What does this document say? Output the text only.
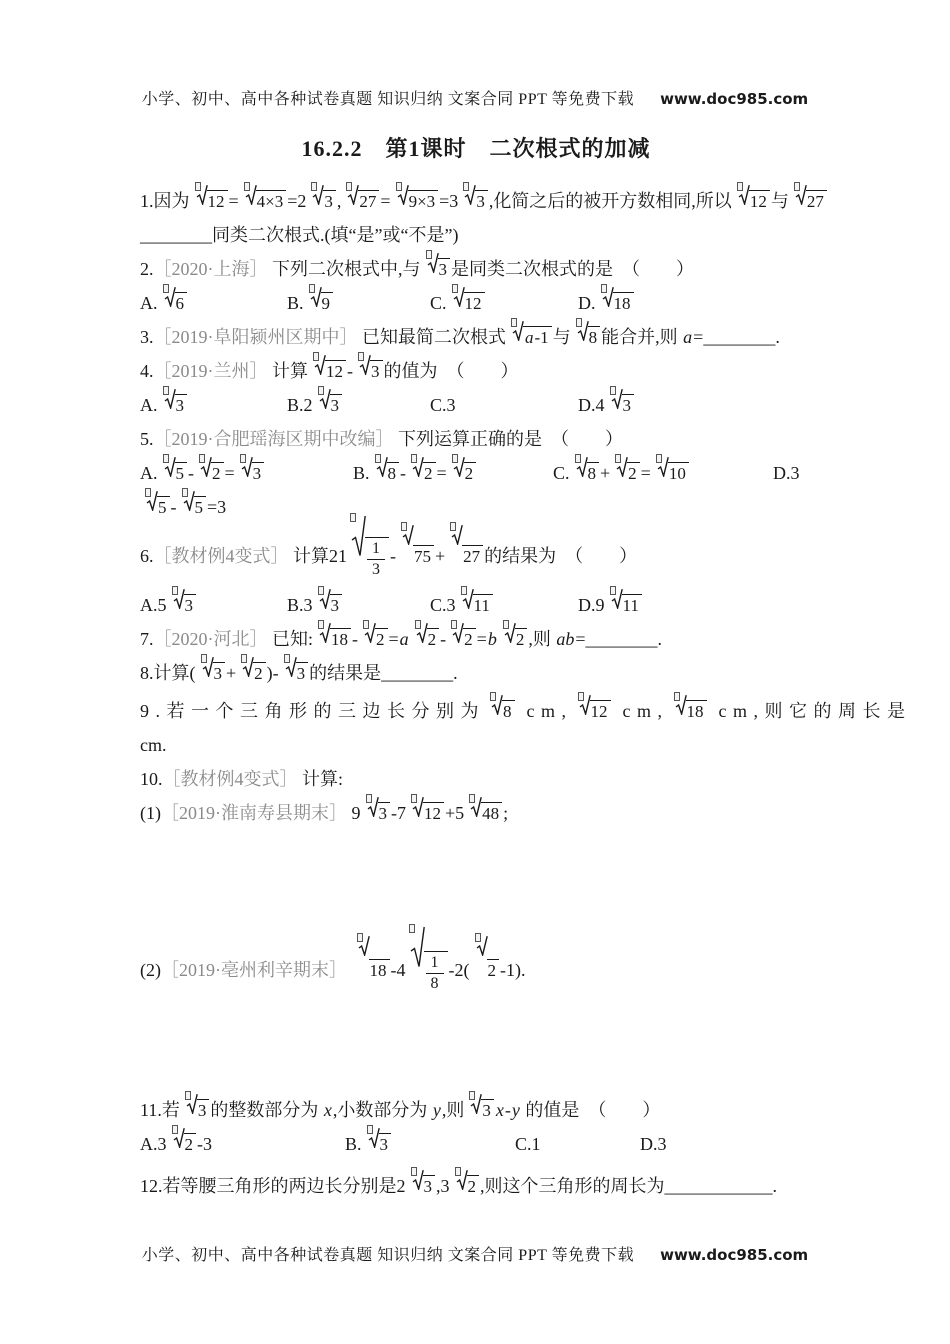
小学、初中、高中各种试卷真题 知识归纳 文案合同 PPT 等免费下载 www.doc985.com
16.2.2　第1课时　二次根式的加减
1.因为 12 = 4×3 =2 3 , 27 = 9×3 =3 3 ,化简之后的被开方数相同,所以 12 与 27
________同类二次根式.(填“是”或“不是”)
2.［2020·上海］ 下列二次根式中,与 3 是同类二次根式的是　（　　）
A. 6	B. 9	C. 12	D. 18
3.［2019·阜阳颍州区期中］ 已知最简二次根式 a-1 与 8 能合并,则 a=________.
4.［2019·兰州］ 计算 12 - 3 的值为　（　　）
A. 3	B.2 3	C.3	D.4 3
5.［2019·合肥瑶海区期中改编］ 下列运算正确的是　（　　）
A. 5 - 2 = 3	B. 8 - 2 = 2	C. 8 + 2 = 10	D.3
5 - 5 =3
6.［教材例4变式］ 计算$21 \frac{1}{3} - 75 + 27$ 的结果为　（　　）
A.5 3	B.3 3	C.3 11	D.9 11
7.［2020·河北］ 已知: 18 - 2 =a 2 - 2 =b 2 ,则 ab=________.
8.计算( 3 + 2 )- 3 的结果是________.
9.若一个三角形的三边长分别为 8 cm, 12 cm, 18 cm,则它的周长是
cm.
10.［教材例4变式］ 计算:
(1)［2019·淮南寿县期末］ 9 3 -7 12 +5 48 ;
(2)［2019·亳州利辛期末］ 18 $-4 \frac{1}{8} -2$( 2 -1).
11.若 3 的整数部分为 x,小数部分为 y,则 3 x-y 的值是　（　　）
A.3 2 -3	B. 3	C.1	D.3
12.若等腰三角形的两边长分别是2 3 ,3 2 ,则这个三角形的周长为____________.
小学、初中、高中各种试卷真题 知识归纳 文案合同 PPT 等免费下载 www.doc985.com
